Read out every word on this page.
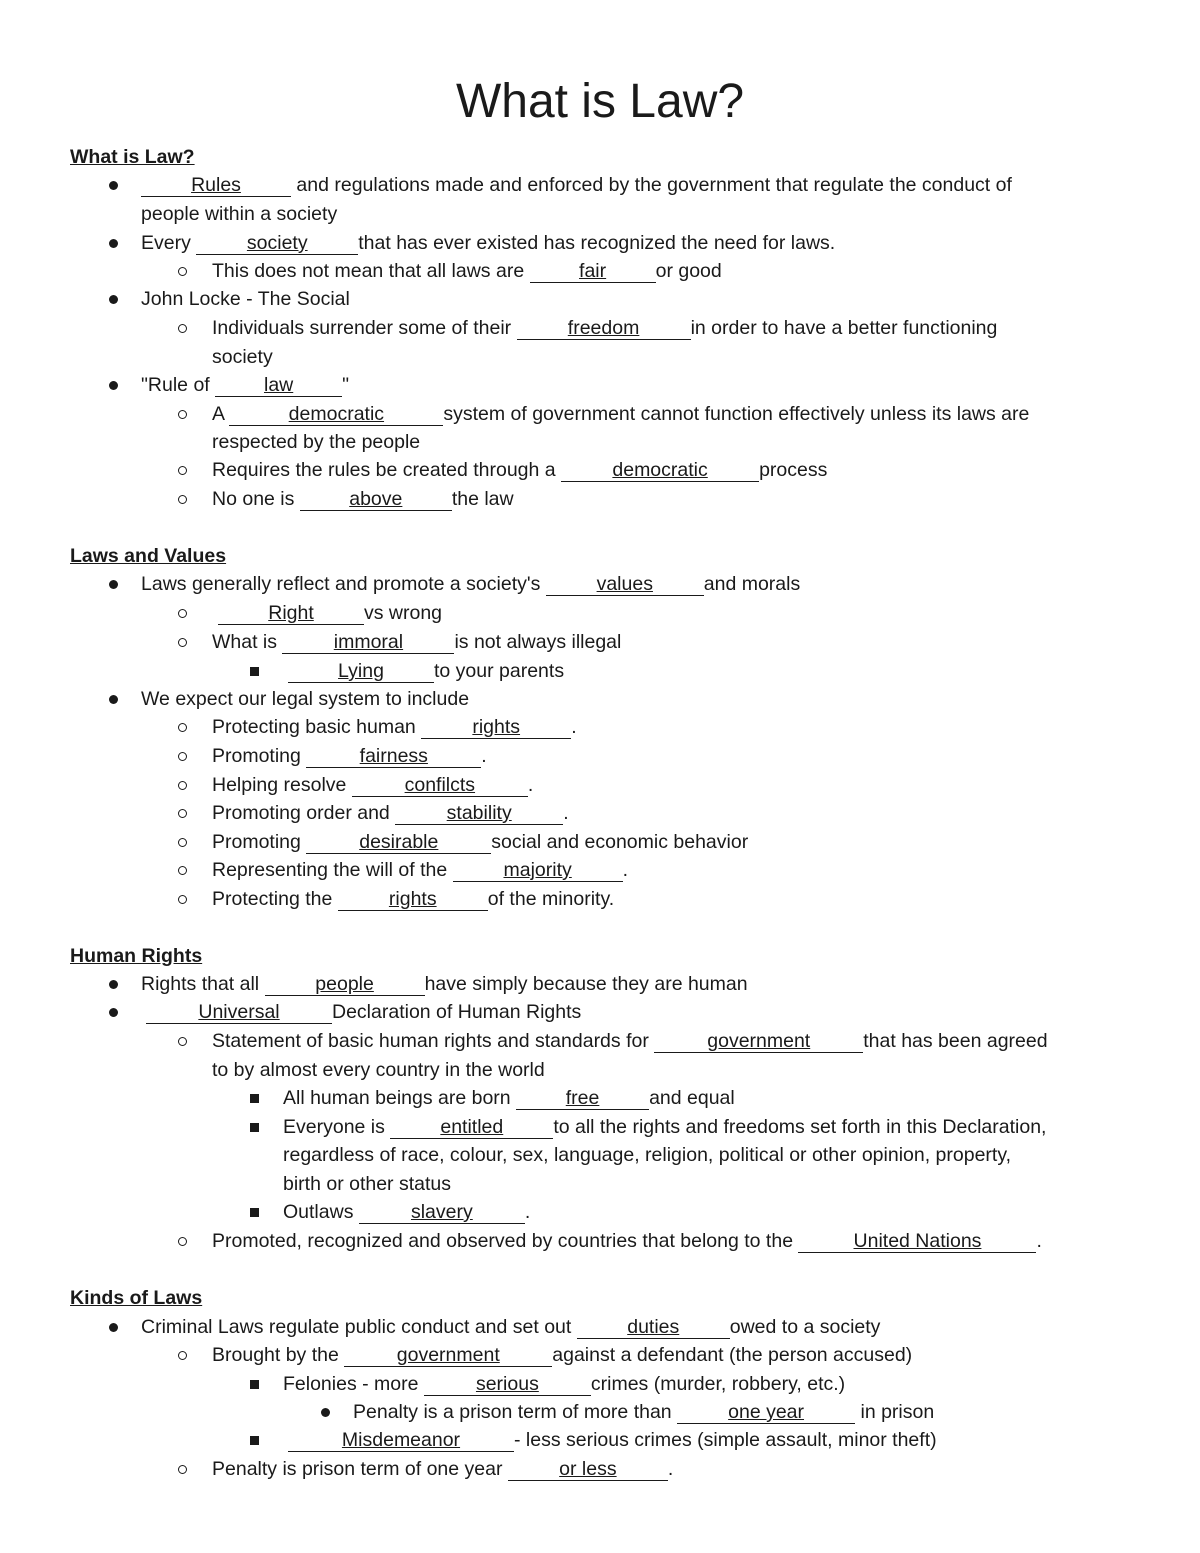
What is Law?
What is Law?
Rules	and regulations made and enforced by the government that regulate the conduct of
people within a society
Every	society	that has ever existed has recognized the need for laws.
This does not mean that all laws are	fair	or good
John Locke - The Social
Individuals surrender some of their	freedom	in order to have a better functioning
society
"Rule of	law	"
A	democratic	system of government cannot function effectively unless its laws are
respected by the people
Requires the rules be created through a	democratic	process
No one is	above	the law
Laws and Values
Laws generally reflect and promote a society's	values	and morals
Right	vs wrong
What is	immoral	is not always illegal
Lying	to your parents
We expect our legal system to include
Protecting basic human	rights	.
Promoting	fairness	.
Helping resolve	confilcts	.
Promoting order and	stability	.
Promoting	desirable	social and economic behavior
Representing the will of the	majority	.
Protecting the	rights	of the minority.
Human Rights
Rights that all	people	have simply because they are human
Universal	Declaration of Human Rights
Statement of basic human rights and standards for	government	that has been agreed
to by almost every country in the world
All human beings are born	free	and equal
Everyone is	entitled	to all the rights and freedoms set forth in this Declaration,
regardless of race, colour, sex, language, religion, political or other opinion, property,
birth or other status
Outlaws	slavery	.
Promoted, recognized and observed by countries that belong to the	United Nations	.
Kinds of Laws
Criminal Laws regulate public conduct and set out	duties	owed to a society
Brought by the	government	against a defendant (the person accused)
Felonies - more	serious	crimes (murder, robbery, etc.)
Penalty is a prison term of more than	one year	in prison
Misdemeanor	- less serious crimes (simple assault, minor theft)
Penalty is prison term of one year	or less	.
